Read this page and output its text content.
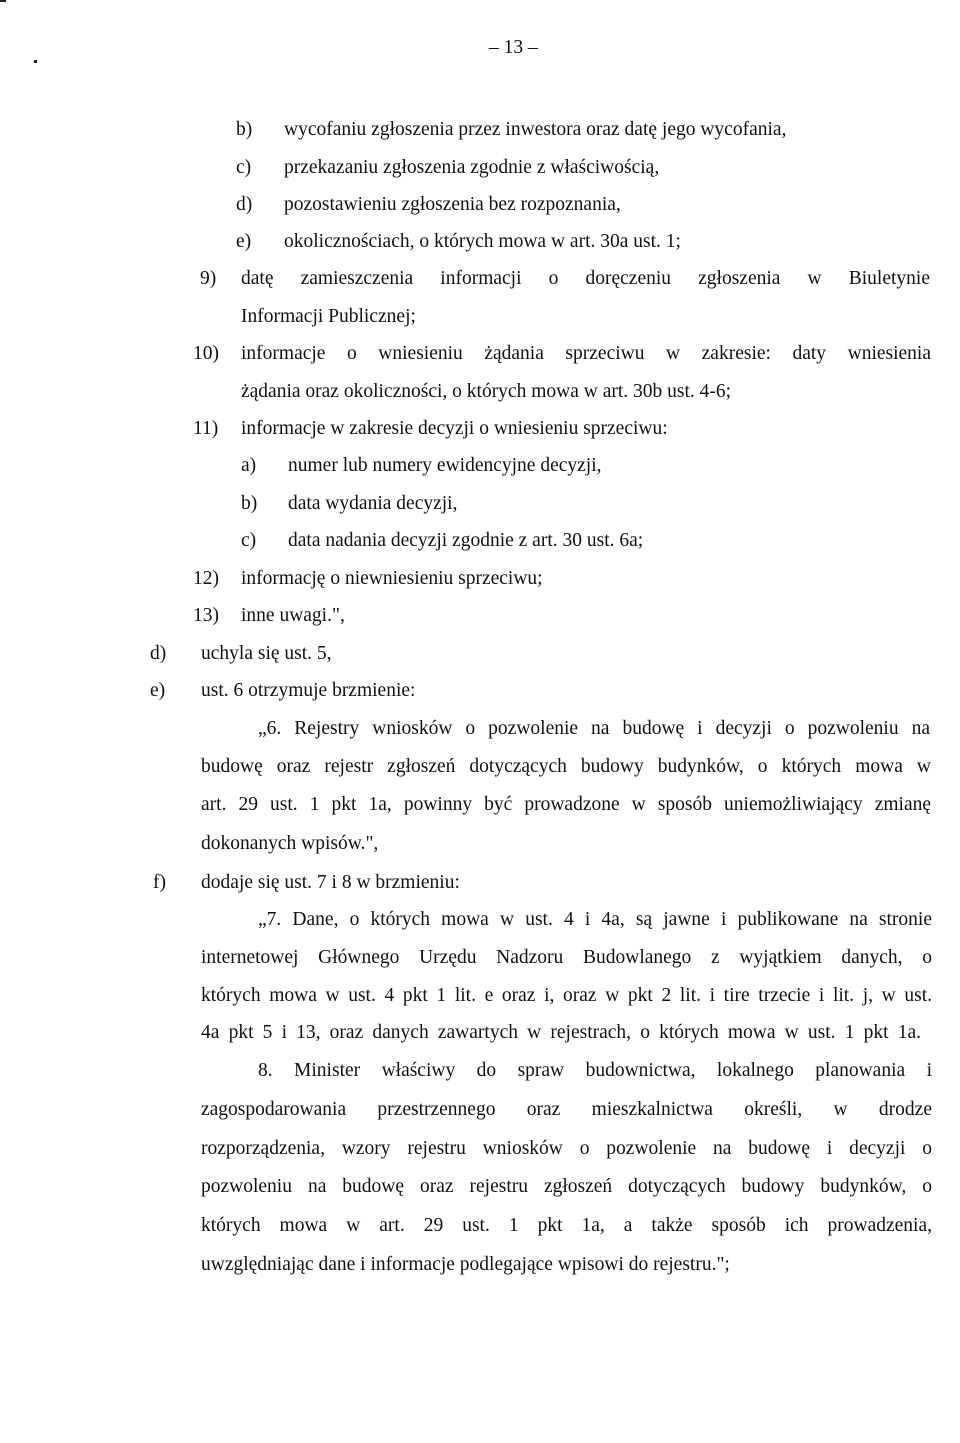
– 13 –
b) wycofaniu zgłoszenia przez inwestora oraz datę jego wycofania,
c) przekazaniu zgłoszenia zgodnie z właściwością,
d) pozostawieniu zgłoszenia bez rozpoznania,
e) okolicznościach, o których mowa w art. 30a ust. 1;
9) datę zamieszczenia informacji o doręczeniu zgłoszenia w Biuletynie
Informacji Publicznej;
10) informacje o wniesieniu żądania sprzeciwu w zakresie: daty wniesienia
żądania oraz okoliczności, o których mowa w art. 30b ust. 4-6;
11) informacje w zakresie decyzji o wniesieniu sprzeciwu:
a) numer lub numery ewidencyjne decyzji,
b) data wydania decyzji,
c) data nadania decyzji zgodnie z art. 30 ust. 6a;
12) informację o niewniesieniu sprzeciwu;
13) inne uwagi.",
d) uchyla się ust. 5,
e) ust. 6 otrzymuje brzmienie:
„6. Rejestry wniosków o pozwolenie na budowę i decyzji o pozwoleniu na
budowę oraz rejestr zgłoszeń dotyczących budowy budynków, o których mowa w
art. 29 ust. 1 pkt 1a, powinny być prowadzone w sposób uniemożliwiający zmianę
dokonanych wpisów.",
f) dodaje się ust. 7 i 8 w brzmieniu:
„7. Dane, o których mowa w ust. 4 i 4a, są jawne i publikowane na stronie
internetowej Głównego Urzędu Nadzoru Budowlanego z wyjątkiem danych, o
których mowa w ust. 4 pkt 1 lit. e oraz i, oraz w pkt 2 lit. i tire trzecie i lit. j, w ust.
4a pkt 5 i 13, oraz danych zawartych w rejestrach, o których mowa w ust. 1 pkt 1a.
8. Minister właściwy do spraw budownictwa, lokalnego planowania i
zagospodarowania przestrzennego oraz mieszkalnictwa określi, w drodze
rozporządzenia, wzory rejestru wniosków o pozwolenie na budowę i decyzji o
pozwoleniu na budowę oraz rejestru zgłoszeń dotyczących budowy budynków, o
których mowa w art. 29 ust. 1 pkt 1a, a także sposób ich prowadzenia,
uwzględniając dane i informacje podlegające wpisowi do rejestru.";
